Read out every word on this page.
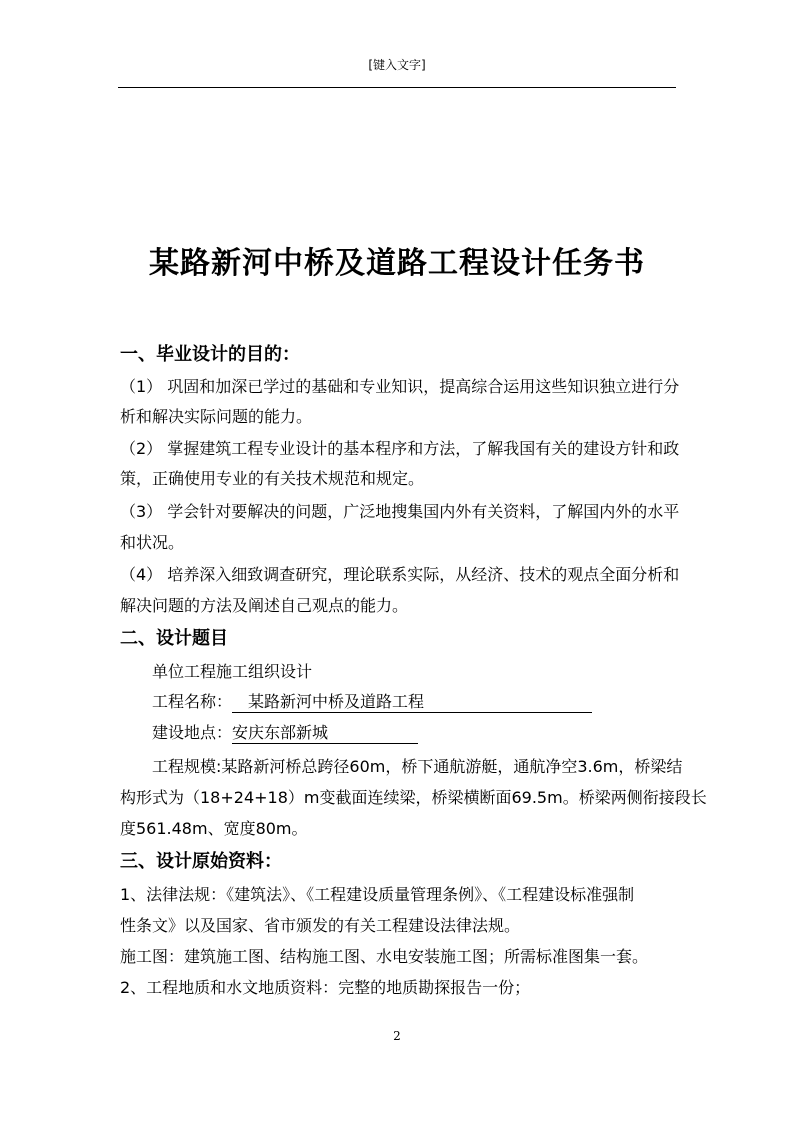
[键入文字]
某路新河中桥及道路工程设计任务书
一、毕业设计的目的：
（1） 巩固和加深已学过的基础和专业知识，提高综合运用这些知识独立进行分
析和解决实际问题的能力。
（2） 掌握建筑工程专业设计的基本程序和方法，了解我国有关的建设方针和政
策，正确使用专业的有关技术规范和规定。
（3） 学会针对要解决的问题，广泛地搜集国内外有关资料，了解国内外的水平
和状况。
（4） 培养深入细致调查研究，理论联系实际，从经济、技术的观点全面分析和
解决问题的方法及阐述自己观点的能力。
二、设计题目
单位工程施工组织设计
工程名称： 某路新河中桥及道路工程
建设地点：安庆东部新城
工程规模:某路新河桥总跨径60m，桥下通航游艇，通航净空3.6m，桥梁结
构形式为（18+24+18）m变截面连续梁，桥梁横断面69.5m。桥梁两侧衔接段长
度561.48m、宽度80m。
三、设计原始资料：
1、法律法规：《建筑法》、《工程建设质量管理条例》、《工程建设标准强制
性条文》以及国家、省市颁发的有关工程建设法律法规。
施工图：建筑施工图、结构施工图、水电安装施工图；所需标准图集一套。
2、工程地质和水文地质资料：完整的地质勘探报告一份；
2
